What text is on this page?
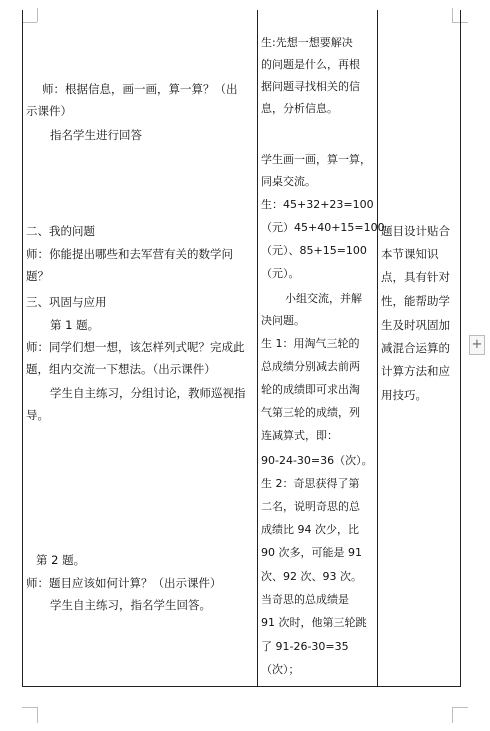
师：根据信息，画一画，算一算？（出
示课件）
指名学生进行回答
二、我的问题
师：你能提出哪些和去军营有关的数学问
题？
三、巩固与应用
第 1 题。
师：同学们想一想，该怎样列式呢？完成此
题，组内交流一下想法。（出示课件）
学生自主练习，分组讨论，教师巡视指
导。
第 2 题。
师：题目应该如何计算？（出示课件）
学生自主练习，指名学生回答。
生:先想一想要解决
的问题是什么，再根
据问题寻找相关的信
息，分析信息。
学生画一画，算一算，
同桌交流。
生：45+32+23=100
（元）45+40+15=100
（元）、85+15=100
（元）。
小组交流，并解
决问题。
生 1：用淘气三轮的
总成绩分别减去前两
轮的成绩即可求出淘
气第三轮的成绩，列
连减算式，即：
90-24-30=36（次）。
生 2：奇思获得了第
二名，说明奇思的总
成绩比 94 次少，比
90 次多，可能是 91
次、92 次、93 次。
当奇思的总成绩是
91 次时，他第三轮跳
了 91-26-30=35
（次）；
题目设计贴合
本节课知识
点，具有针对
性，能帮助学
生及时巩固加
减混合运算的
计算方法和应
用技巧。
+
